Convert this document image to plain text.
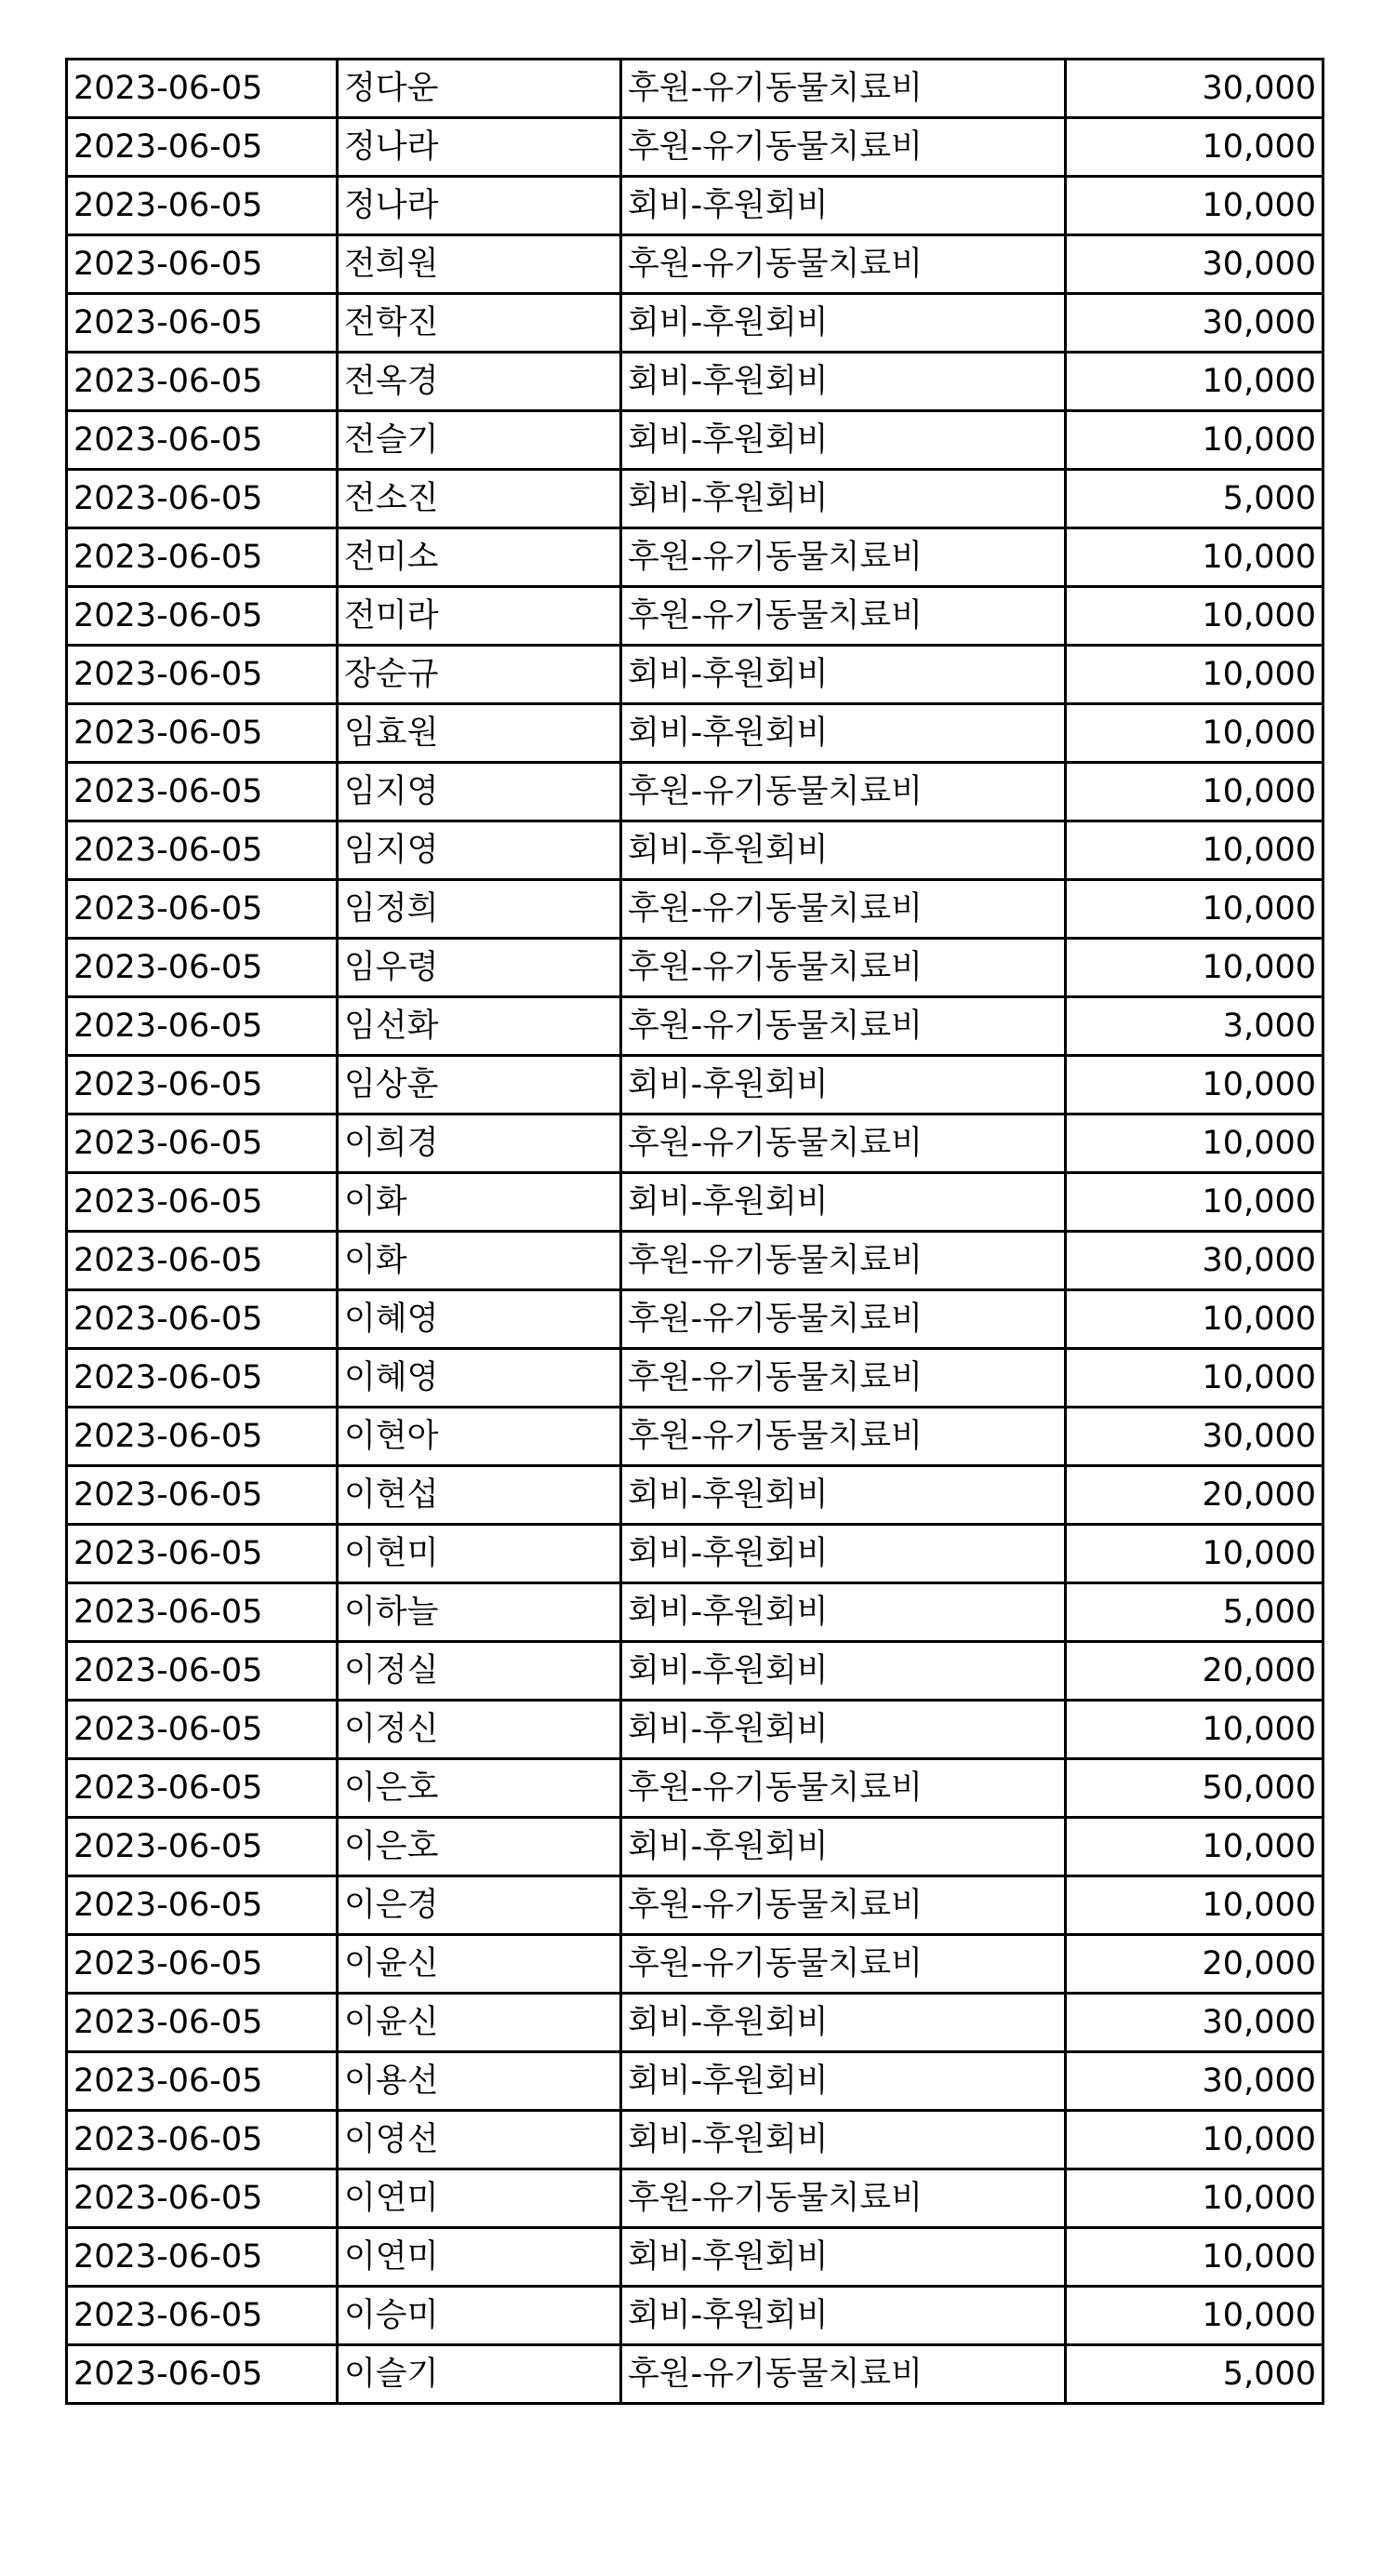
2023-06-05	정다운	후원-유기동물치료비	30,000
2023-06-05	정나라	후원-유기동물치료비	10,000
2023-06-05	정나라	회비-후원회비	10,000
2023-06-05	전희원	후원-유기동물치료비	30,000
2023-06-05	전학진	회비-후원회비	30,000
2023-06-05	전옥경	회비-후원회비	10,000
2023-06-05	전슬기	회비-후원회비	10,000
2023-06-05	전소진	회비-후원회비	5,000
2023-06-05	전미소	후원-유기동물치료비	10,000
2023-06-05	전미라	후원-유기동물치료비	10,000
2023-06-05	장순규	회비-후원회비	10,000
2023-06-05	임효원	회비-후원회비	10,000
2023-06-05	임지영	후원-유기동물치료비	10,000
2023-06-05	임지영	회비-후원회비	10,000
2023-06-05	임정희	후원-유기동물치료비	10,000
2023-06-05	임우령	후원-유기동물치료비	10,000
2023-06-05	임선화	후원-유기동물치료비	3,000
2023-06-05	임상훈	회비-후원회비	10,000
2023-06-05	이희경	후원-유기동물치료비	10,000
2023-06-05	이화	회비-후원회비	10,000
2023-06-05	이화	후원-유기동물치료비	30,000
2023-06-05	이혜영	후원-유기동물치료비	10,000
2023-06-05	이혜영	후원-유기동물치료비	10,000
2023-06-05	이현아	후원-유기동물치료비	30,000
2023-06-05	이현섭	회비-후원회비	20,000
2023-06-05	이현미	회비-후원회비	10,000
2023-06-05	이하늘	회비-후원회비	5,000
2023-06-05	이정실	회비-후원회비	20,000
2023-06-05	이정신	회비-후원회비	10,000
2023-06-05	이은호	후원-유기동물치료비	50,000
2023-06-05	이은호	회비-후원회비	10,000
2023-06-05	이은경	후원-유기동물치료비	10,000
2023-06-05	이윤신	후원-유기동물치료비	20,000
2023-06-05	이윤신	회비-후원회비	30,000
2023-06-05	이용선	회비-후원회비	30,000
2023-06-05	이영선	회비-후원회비	10,000
2023-06-05	이연미	후원-유기동물치료비	10,000
2023-06-05	이연미	회비-후원회비	10,000
2023-06-05	이승미	회비-후원회비	10,000
2023-06-05	이슬기	후원-유기동물치료비	5,000
